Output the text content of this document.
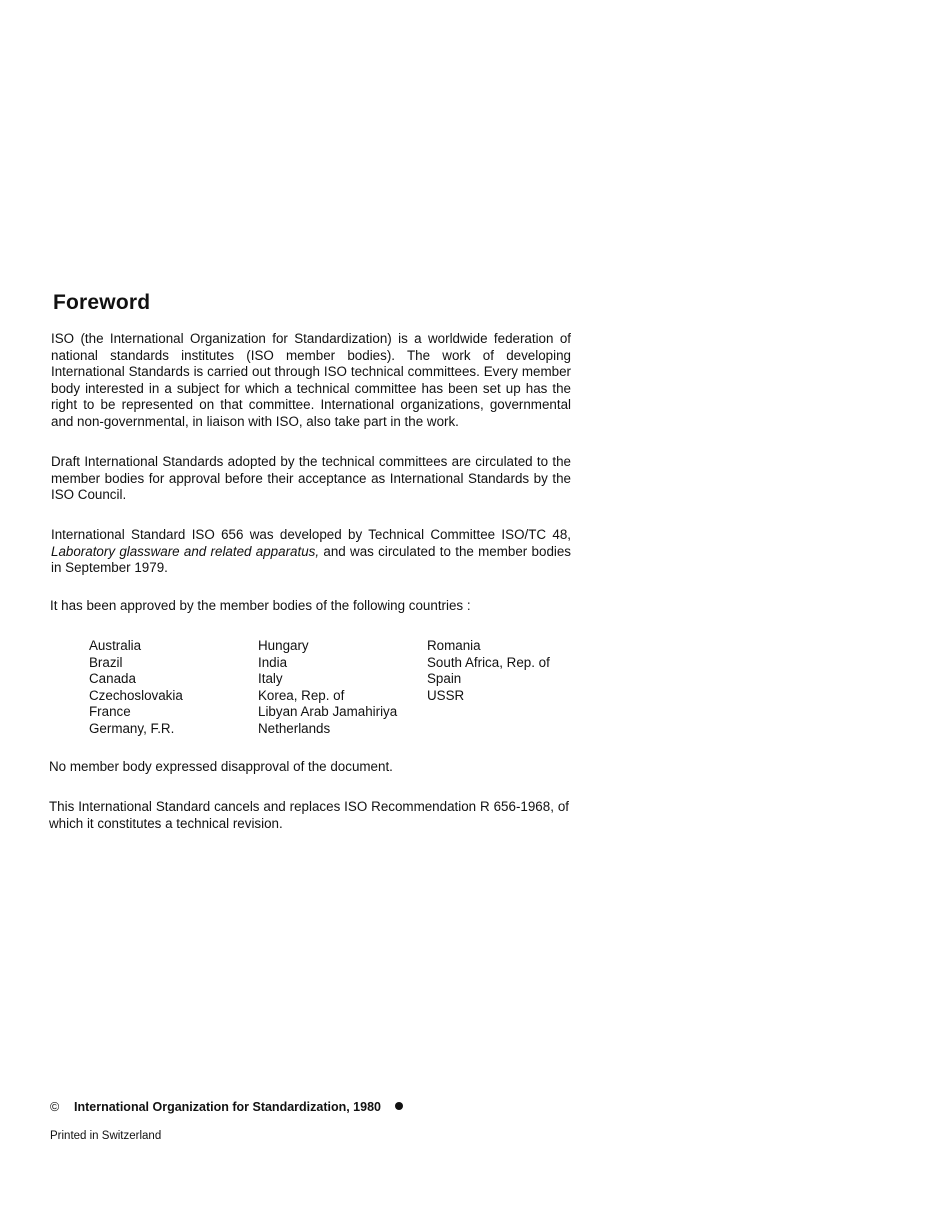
Foreword

ISO (the International Organization for Standardization) is a worldwide federation of national standards institutes (ISO member bodies). The work of developing International Standards is carried out through ISO technical committees. Every member body interested in a subject for which a technical committee has been set up has the right to be represented on that committee. International organizations, governmental and non-governmental, in liaison with ISO, also take part in the work.

Draft International Standards adopted by the technical committees are circulated to the member bodies for approval before their acceptance as International Standards by the ISO Council.

International Standard ISO 656 was developed by Technical Committee ISO/TC 48, Laboratory glassware and related apparatus, and was circulated to the member bodies in September 1979.

It has been approved by the member bodies of the following countries :

Australia
Brazil
Canada
Czechoslovakia
France
Germany, F.R.
Hungary
India
Italy
Korea, Rep. of
Libyan Arab Jamahiriya
Netherlands
Romania
South Africa, Rep. of
Spain
USSR

No member body expressed disapproval of the document.

This International Standard cancels and replaces ISO Recommendation R 656-1968, of which it constitutes a technical revision.

© International Organization for Standardization, 1980
Printed in Switzerland
